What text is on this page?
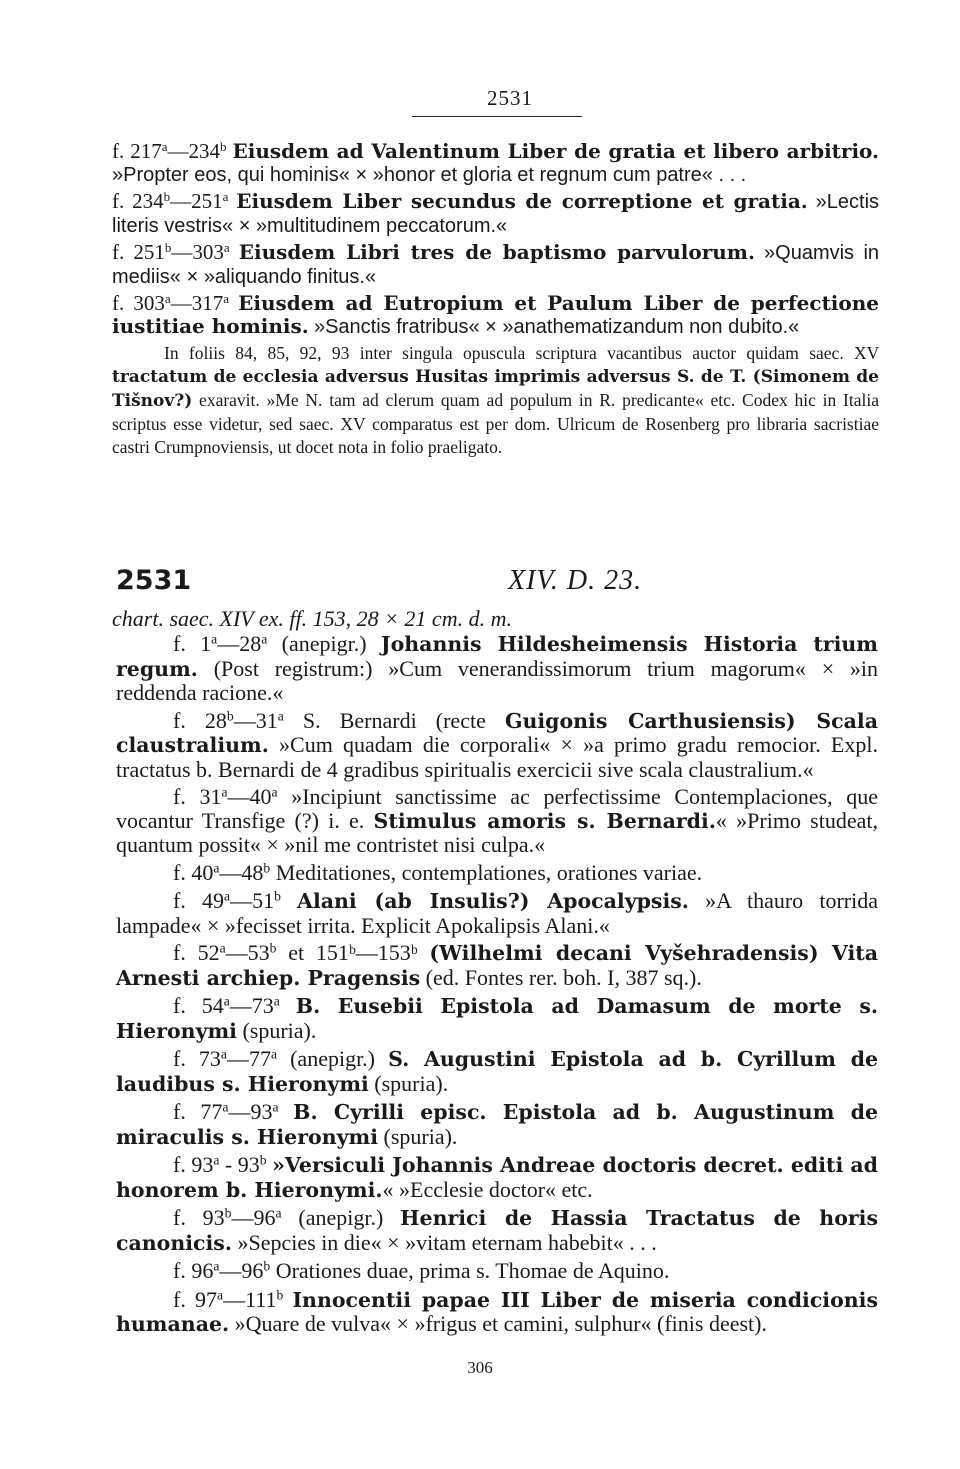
2531

f. 217$^a$—234$^b$ Eiusdem ad Valentinum Liber de gratia et libero arbitrio. »Propter eos, qui hominis« × »honor et gloria et regnum cum patre« . . .

f. 234$^b$—251$^a$ Eiusdem Liber secundus de correptione et gratia. »Lectis literis vestris« × »multitudinem peccatorum.«

f. 251$^b$—303$^a$ Eiusdem Libri tres de baptismo parvulorum. »Quamvis in mediis« × »aliquando finitus.«

f. 303$^a$—317$^a$ Eiusdem ad Eutropium et Paulum Liber de perfectione iustitiae hominis. »Sanctis fratribus« × »anathematizandum non dubito.«

In foliis 84, 85, 92, 93 inter singula opuscula scriptura vacantibus auctor quidam saec. XV tractatum de ecclesia adversus Husitas imprimis adversus S. de T. (Simonem de Tišnov?) exaravit. »Me N. tam ad clerum quam ad populum in R. predicante« etc. Codex hic in Italia scriptus esse videtur, sed saec. XV comparatus est per dom. Ulricum de Rosenberg pro libraria sacristiae castri Crumpnoviensis, ut docet nota in folio praeligato.

2531	XIV. D. 23.
chart. saec. XIV ex. ff. 153, 28 × 21 cm. d. m.

f. 1$^a$—28$^a$ (anepigr.) Johannis Hildesheimensis Historia trium regum. (Post registrum:) »Cum venerandissimorum trium magorum« × »in reddenda racione.«

f. 28$^b$—31$^a$ S. Bernardi (recte Guigonis Carthusiensis) Scala claustralium. »Cum quadam die corporali« × »a primo gradu remocior. Expl. tractatus b. Bernardi de 4 gradibus spiritualis exercicii sive scala claustralium.«

f. 31$^a$—40$^a$ »Incipiunt sanctissime ac perfectissime Contemplaciones, que vocantur Transfige (?) i. e. Stimulus amoris s. Bernardi.« »Primo studeat, quantum possit« × »nil me contristet nisi culpa.«

f. 40$^a$—48$^b$ Meditationes, contemplationes, orationes variae.

f. 49$^a$—51$^b$ Alani (ab Insulis?) Apocalypsis. »A thauro torrida lampade« × »fecisset irrita. Explicit Apokalipsis Alani.«

f. 52$^a$—53$^b$ et 151ᵇ—153ᵇ (Wilhelmi decani Vyšehradensis) Vita Arnesti archiep. Pragensis (ed. Fontes rer. boh. I, 387 sq.).

f. 54$^a$—73$^a$ B. Eusebii Epistola ad Damasum de morte s. Hieronymi (spuria).

f. 73$^a$—77$^a$ (anepigr.) S. Augustini Epistola ad b. Cyrillum de laudibus s. Hieronymi (spuria).

f. 77$^a$—93$^a$ B. Cyrilli episc. Epistola ad b. Augustinum de miraculis s. Hieronymi (spuria).

f. 93$^a$ - 93$^b$ »Versiculi Johannis Andreae doctoris decret. editi ad honorem b. Hieronymi.« »Ecclesie doctor« etc.

f. 93$^b$—96$^a$ (anepigr.) Henrici de Hassia Tractatus de horis canonicis. »Sepcies in die« × »vitam eternam habebit« . . .

f. 96$^a$—96$^b$ Orationes duae, prima s. Thomae de Aquino.

f. 97$^a$—111$^b$ Innocentii papae III Liber de miseria condicionis humanae. »Quare de vulva« × »frigus et camini, sulphur« (finis deest).

306
